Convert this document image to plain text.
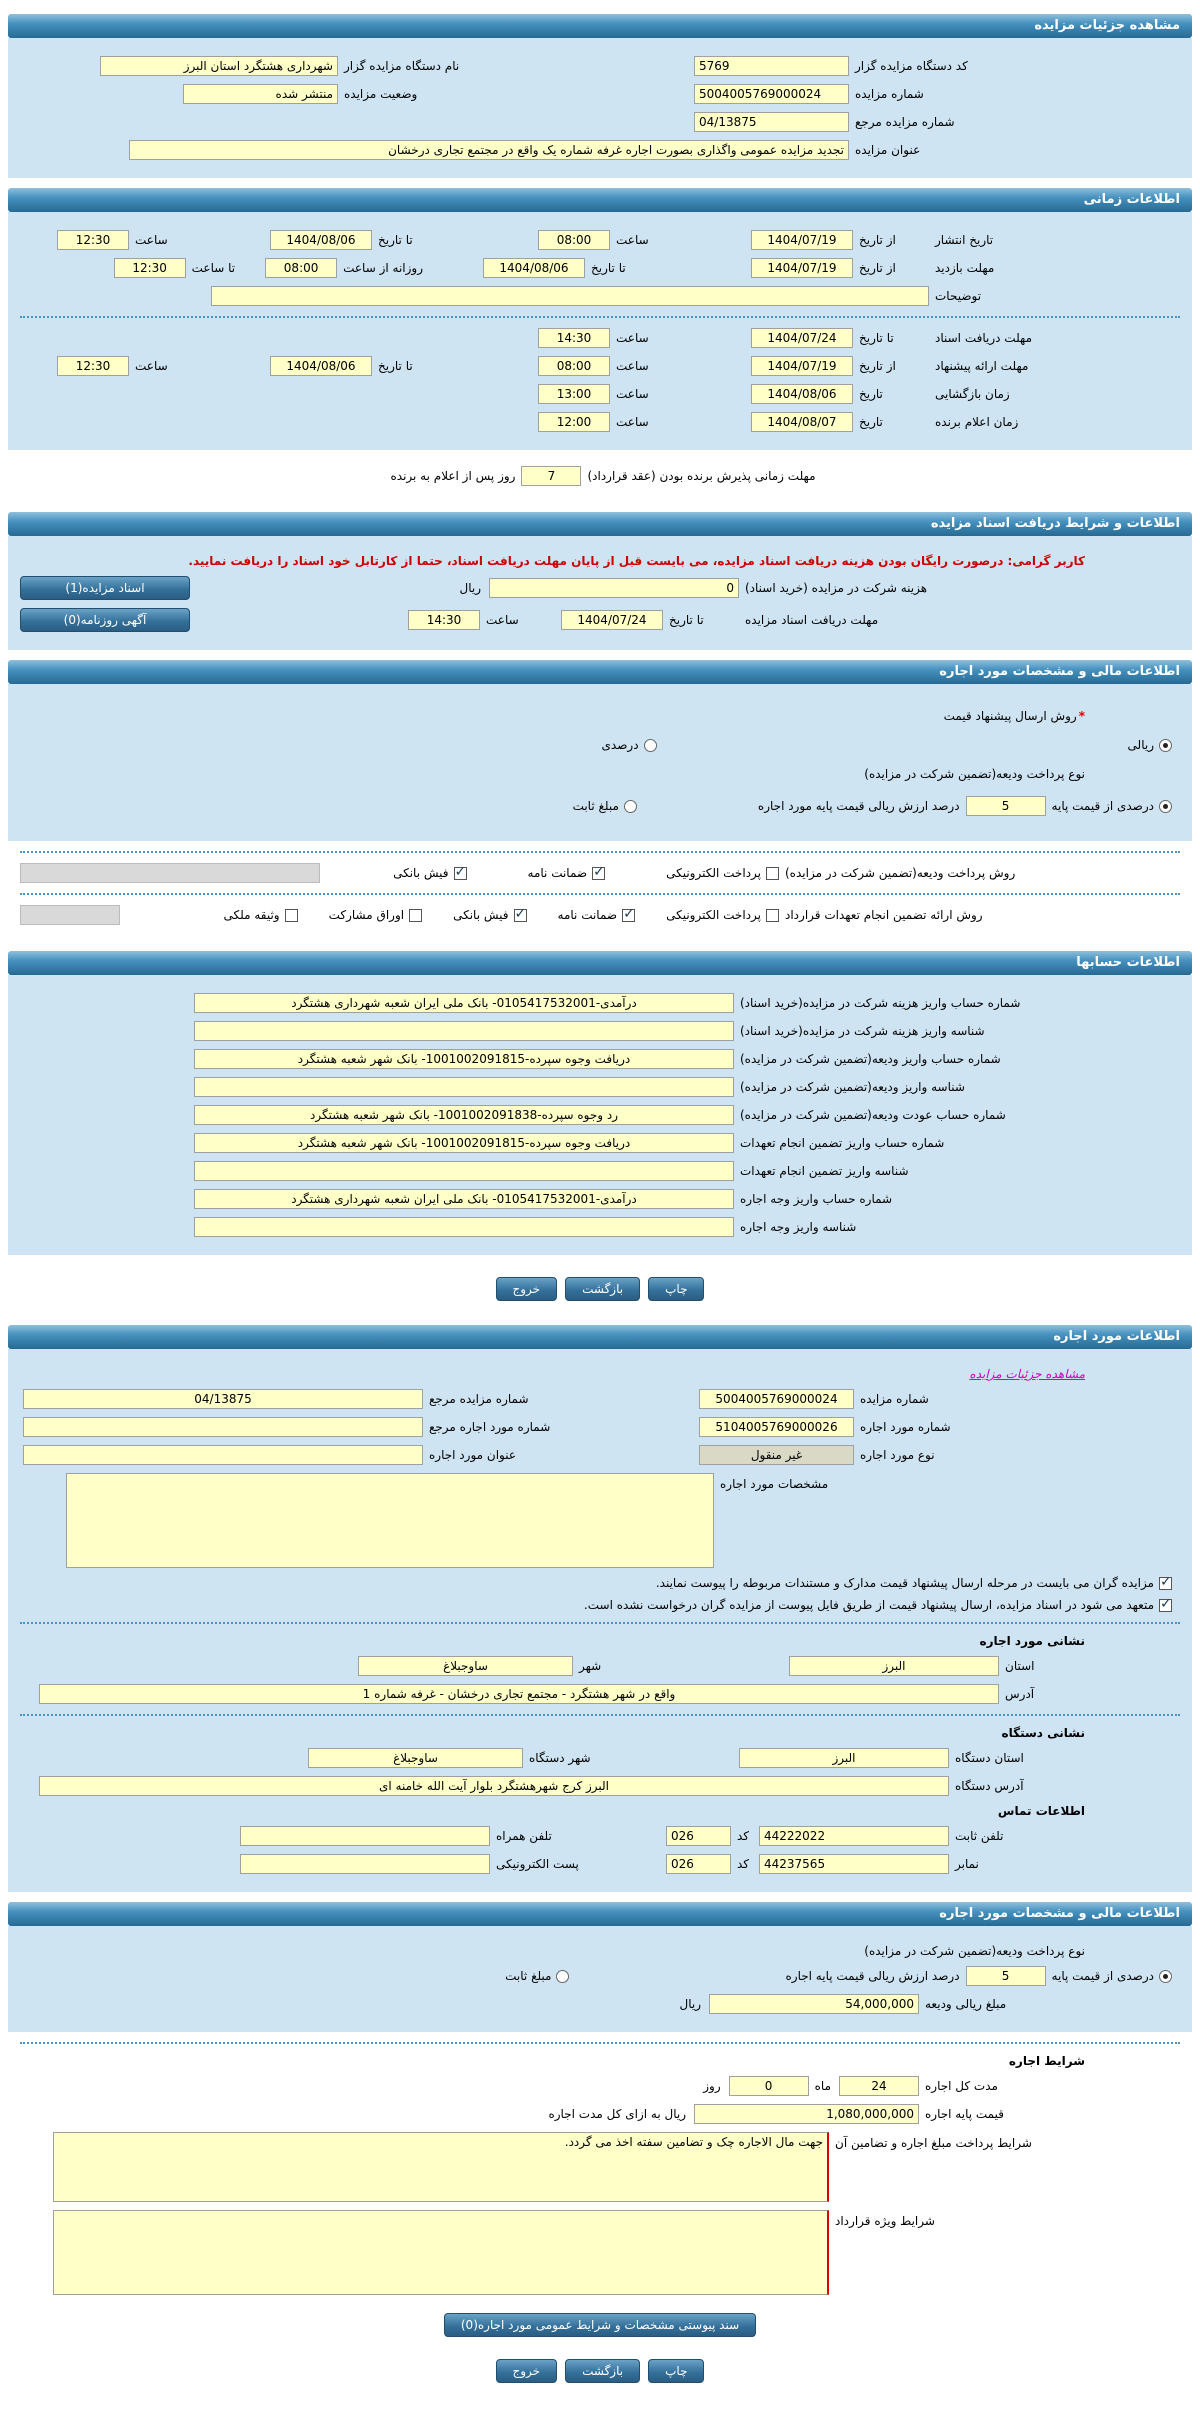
مشاهده جزئیات مزایده
کد دستگاه مزایده گزار
5769
نام دستگاه مزایده گزار
شهرداری هشتگرد استان البرز
شماره مزایده
5004005769000024
وضعیت مزایده
منتشر شده
شماره مزایده مرجع
04/13875
عنوان مزایده
تجدید مزایده عمومی واگذاری بصورت اجاره غرفه شماره یک واقع در مجتمع تجاری درخشان
اطلاعات زمانی
تاریخ انتشار
از تاریخ
1404/07/19
ساعت
08:00
تا تاریخ
1404/08/06
ساعت
12:30
مهلت بازدید
از تاریخ
1404/07/19
تا تاریخ
1404/08/06
روزانه از ساعت
08:00
تا ساعت
12:30
توضیحات
مهلت دریافت اسناد
تا تاریخ
1404/07/24
ساعت
14:30
مهلت ارائه پیشنهاد
از تاریخ
1404/07/19
ساعت
08:00
تا تاریخ
1404/08/06
ساعت
12:30
زمان بازگشایی
تاریخ
1404/08/06
ساعت
13:00
زمان اعلام برنده
تاریخ
1404/08/07
ساعت
12:00
مهلت زمانی پذیرش برنده بودن (عقد قرارداد)
7
روز پس از اعلام به برنده
اطلاعات و شرایط دریافت اسناد مزایده
کاربر گرامی: درصورت رایگان بودن هزینه دریافت اسناد مزایده، می بایست قبل از پایان مهلت دریافت اسناد، حتما از کارتابل خود اسناد را دریافت نمایید.
هزینه شرکت در مزایده (خرید اسناد)
0
ریال
اسناد مزایده(1)
مهلت دریافت اسناد مزایده
تا تاریخ
1404/07/24
ساعت
14:30
آگهی روزنامه(0)
اطلاعات مالی و مشخصات مورد اجاره
*
روش ارسال پیشنهاد قیمت
ریالی
درصدی
نوع پرداخت ودیعه(تضمین شرکت در مزایده)
درصدی از قیمت پایه
5
درصد ارزش ریالی قیمت پایه مورد اجاره
مبلغ ثابت
روش پرداخت ودیعه(تضمین شرکت در مزایده)
پرداخت الکترونیکی
✓
ضمانت نامه
✓
فیش بانکی
روش ارائه تضمین انجام تعهدات قرارداد
پرداخت الکترونیکی
✓
ضمانت نامه
✓
فیش بانکی
اوراق مشارکت
وثیقه ملکی
اطلاعات حسابها
شماره حساب واریز هزینه شرکت در مزایده(خرید اسناد)
درآمدی-0105417532001- بانک ملی ایران شعبه شهرداری هشتگرد
شناسه واریز هزینه شرکت در مزایده(خرید اسناد)
شماره حساب واریز ودیعه(تضمین شرکت در مزایده)
دریافت وجوه سپرده-1001002091815- بانک شهر شعبه هشتگرد
شناسه واریز ودیعه(تضمین شرکت در مزایده)
شماره حساب عودت ودیعه(تضمین شرکت در مزایده)
رد وجوه سپرده-1001002091838- بانک شهر شعبه هشتگرد
شماره حساب واریز تضمین انجام تعهدات
دریافت وجوه سپرده-1001002091815- بانک شهر شعبه هشتگرد
شناسه واریز تضمین انجام تعهدات
شماره حساب واریز وجه اجاره
درآمدی-0105417532001- بانک ملی ایران شعبه شهرداری هشتگرد
شناسه واریز وجه اجاره
چاپ
بازگشت
خروج
اطلاعات مورد اجاره
مشاهده جزئیات مزایده
شماره مزایده
5004005769000024
شماره مزایده مرجع
04/13875
شماره مورد اجاره
5104005769000026
شماره مورد اجاره مرجع
نوع مورد اجاره
غیر منقول
عنوان مورد اجاره
مشخصات مورد اجاره
✓
مزایده گران می بایست در مرحله ارسال پیشنهاد قیمت مدارک و مستندات مربوطه را پیوست نمایند.
✓
متعهد می شود در اسناد مزایده، ارسال پیشنهاد قیمت از طریق فایل پیوست از مزایده گران درخواست نشده است.
نشانی مورد اجاره
استان
البرز
شهر
ساوجبلاغ
آدرس
واقع در شهر هشتگرد - مجتمع تجاری درخشان - غرفه شماره 1
نشانی دستگاه
استان دستگاه
البرز
شهر دستگاه
ساوجبلاغ
آدرس دستگاه
البرز کرج شهرهشتگرد بلوار آیت الله خامنه ای
اطلاعات تماس
تلفن ثابت
44222022
کد
026
تلفن همراه
نمابر
44237565
کد
026
پست الکترونیکی
اطلاعات مالی و مشخصات مورد اجاره
نوع پرداخت ودیعه(تضمین شرکت در مزایده)
درصدی از قیمت پایه
5
درصد ارزش ریالی قیمت پایه اجاره
مبلغ ثابت
مبلغ ریالی ودیعه
54,000,000
ریال
شرایط اجاره
مدت کل اجاره
24
ماه
0
روز
قیمت پایه اجاره
1,080,000,000
ریال به ازای کل مدت اجاره
شرایط پرداخت مبلغ اجاره و تضامین آن
جهت مال الاجاره چک و تضامین سفته اخذ می گردد.
شرایط ویژه قرارداد
سند پیوستی مشخصات و شرایط عمومی مورد اجاره(0)
چاپ
بازگشت
خروج
